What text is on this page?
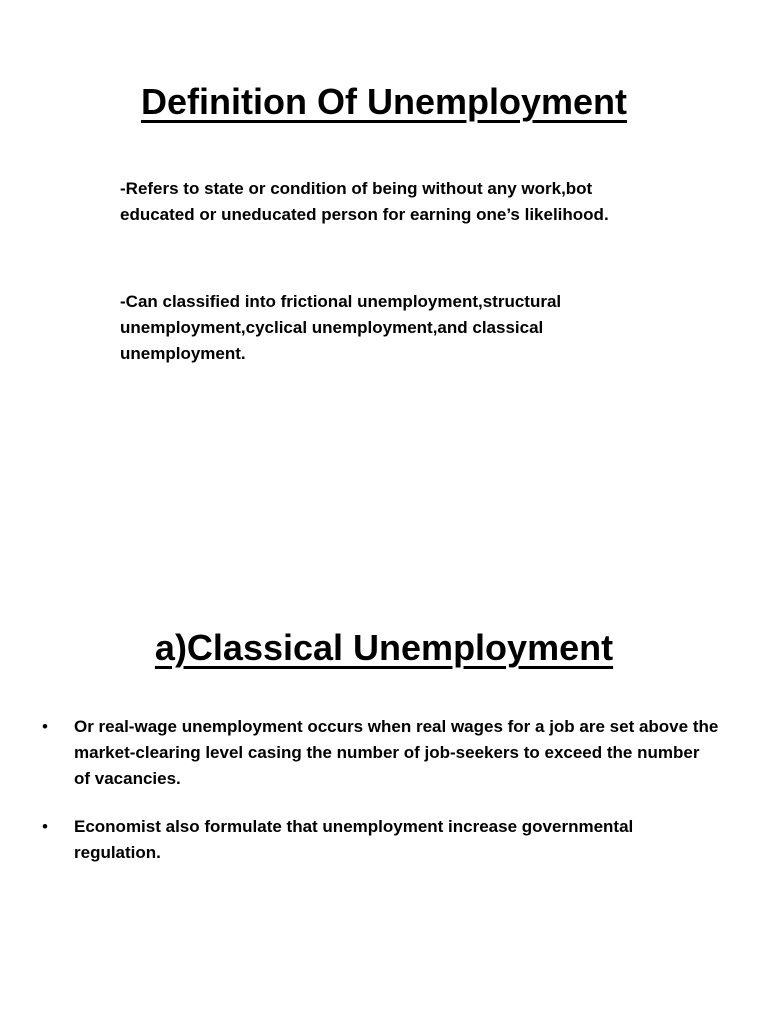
Definition Of Unemployment

-Refers to state or condition of being without any work,bot educated or uneducated person for earning one’s likelihood.

-Can classified into frictional unemployment,structural unemployment,cyclical unemployment,and classical unemployment.

a)Classical Unemployment
• Or real-wage unemployment occurs when real wages for a job are set above the market-clearing level casing the number of job-seekers to exceed the number of vacancies.
• Economist also formulate that unemployment increase governmental regulation.
